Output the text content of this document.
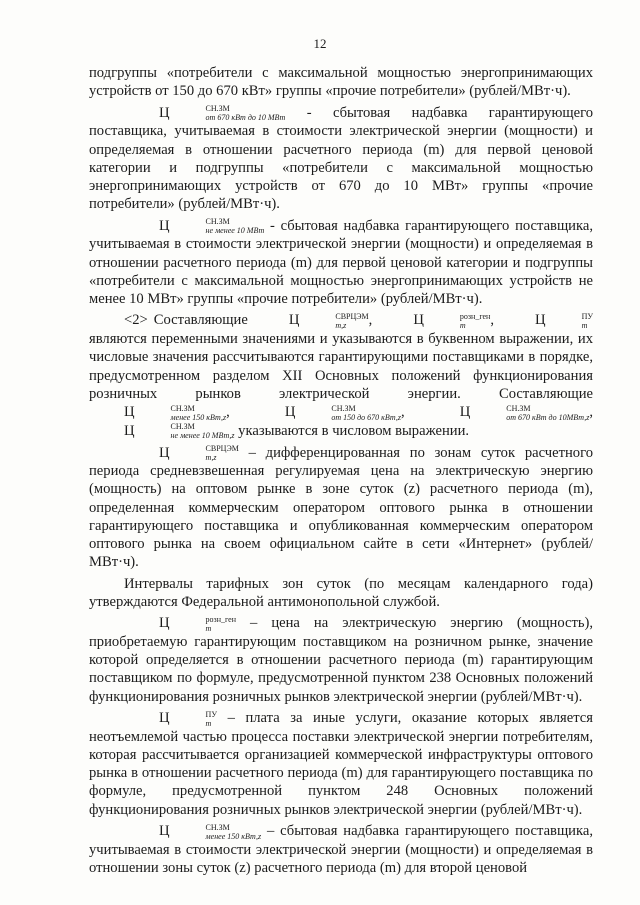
12

подгруппы «потребители с максимальной мощностью энергопринимающих устройств от 150 до 670 кВт» группы «прочие потребители» (рублей/МВт·ч).

Ц	СН.ЗМ
от 670 кВт до 10 МВт - сбытовая надбавка гарантирующего поставщика, учитываемая в стоимости электрической энергии (мощности) и определяемая в отношении расчетного периода (m) для первой ценовой категории и подгруппы «потребители с максимальной мощностью энергопринимающих устройств от 670 до 10 МВт» группы «прочие потребители» (рублей/МВт·ч).

Ц	СН.ЗМ
не менее 10 МВт - сбытовая надбавка гарантирующего поставщика, учитываемая в стоимости электрической энергии (мощности) и определяемая в отношении расчетного периода (m) для первой ценовой категории и подгруппы «потребители с максимальной мощностью энергопринимающих устройств не менее 10 МВт» группы «прочие потребители» (рублей/МВт·ч).

<2> Составляющие Ц	СВРЦЭМ
m,z	, Ц	розн_ген
m	, Ц	ПУ
m
являются переменными значениями и указываются в буквенном выражении, их числовые значения рассчитываются гарантирующими поставщиками в порядке, предусмотренном разделом XII Основных положений функционирования розничных рынков электрической энергии. Составляющие Ц	СН.ЗМ
менее 150 кВт,z , Ц	СН.ЗМ
от 150 до 670 кВт,z , Ц	СН.ЗМ
от 670 кВт до 10МВт,z , Ц	СН.ЗМ
не менее 10 МВт,z указываются в числовом выражении.

Ц	СВРЦЭМ
m,z	– дифференцированная по зонам суток расчетного периода средневзвешенная регулируемая цена на электрическую энергию (мощность) на оптовом рынке в зоне суток (z) расчетного периода (m), определенная коммерческим оператором оптового рынка в отношении гарантирующего поставщика и опубликованная коммерческим оператором оптового рынка на своем официальном сайте в сети «Интернет» (рублей/МВт·ч).

Интервалы тарифных зон суток (по месяцам календарного года) утверждаются Федеральной антимонопольной службой.

Ц	розн_ген
m	– цена на электрическую энергию (мощность), приобретаемую гарантирующим поставщиком на розничном рынке, значение которой определяется в отношении расчетного периода (m) гарантирующим поставщиком по формуле, предусмотренной пунктом 238 Основных положений функционирования розничных рынков электрической энергии (рублей/МВт·ч).

Ц	ПУ
m – плата за иные услуги, оказание которых является неотъемлемой частью процесса поставки электрической энергии потребителям, которая рассчитывается организацией коммерческой инфраструктуры оптового рынка в отношении расчетного периода (m) для гарантирующего поставщика по формуле, предусмотренной пунктом 248 Основных положений функционирования розничных рынков электрической энергии (рублей/МВт·ч).

Ц	СН.ЗМ
менее 150 кВт,z – сбытовая надбавка гарантирующего поставщика, учитываемая в стоимости электрической энергии (мощности) и определяемая в отношении зоны суток (z) расчетного периода (m) для второй ценовой
